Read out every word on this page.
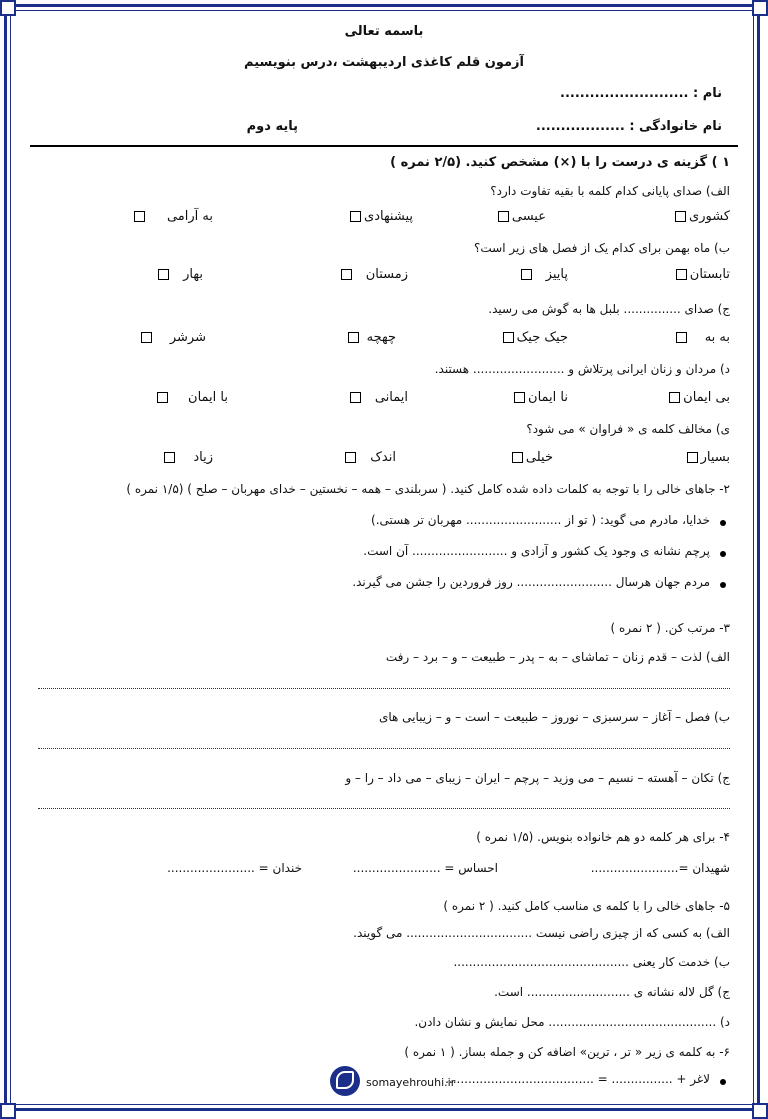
باسمه تعالی
آزمون قلم کاغذی اردیبهشت ،درس بنویسیم
نام : ..........................
نام خانوادگی : ..................
پایه دوم
۱ ) گزینه ی درست را با (×) مشخص کنید. (۲/۵ نمره )
الف) صدای پایانی کدام کلمه با بقیه تفاوت دارد؟
کشوری
عیسی
پیشنهادی
به آرامی
ب) ماه بهمن برای کدام یک از فصل های زیر است؟
تابستان
پاییز
زمستان
بهار
ج) صدای ............... بلبل ها به گوش می رسید.
به به
جیک جیک
چهچه
شرشر
د) مردان و زنان ایرانی پرتلاش و ........................ هستند.
بی ایمان
نا ایمان
ایمانی
با ایمان
ی) مخالف کلمه ی « فراوان » می شود؟
بسیار
خیلی
اندک
زیاد
۲- جاهای خالی را با توجه به کلمات داده شده کامل کنید. ( سربلندی – همه – نخستین – خدای مهربان – صلح ) (۱/۵ نمره )
خدایا، مادرم می گوید: ( تو از ......................... مهربان تر هستی.)
پرچم نشانه ی وجود یک کشور و آزادی و ......................... آن است.
مردم جهان هرسال ......................... روز فروردین را جشن می گیرند.
۳- مرتب کن. ( ۲ نمره )
الف) لذت – قدم زنان – تماشای – به – پدر – طبیعت – و – برد – رفت
ب) فصل – آغاز – سرسبزی – نوروز – طبیعت – است – و – زیبایی های
ج) تکان – آهسته – نسیم – می وزید – پرچم – ایران – زیبای – می داد – را – و
۴- برای هر کلمه دو هم خانواده بنویس. (۱/۵ نمره )
شهیدان =.......................
احساس = .......................
خندان = .......................
۵- جاهای خالی را با کلمه ی مناسب کامل کنید. ( ۲ نمره )
الف) به کسی که از چیزی راضی نیست ................................. می گویند.
ب) خدمت کار یعنی ..............................................
ج) گل لاله نشانه ی ........................... است.
د) ............................................ محل نمایش و نشان دادن.
۶- به کلمه ی زیر « تر ، ترین» اضافه کن و جمله بساز. ( ۱ نمره )
لاغر + ................ = .......................................
somayehrouhi.ir
